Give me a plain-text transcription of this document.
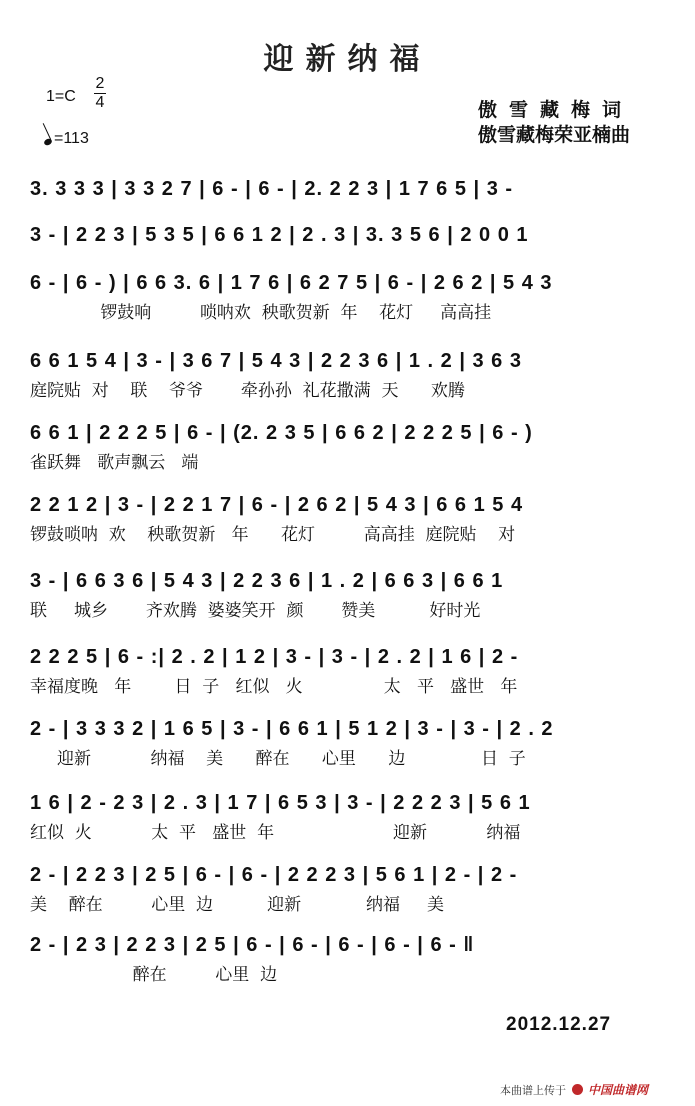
迎新纳福
1=C
2
4
=113
傲雪藏梅词
傲雪藏梅荣亚楠曲
3. 3 3 3 | 3 3 2 7 | 6 - | 6 - | 2. 2 2 3 | 1 7 6 5 | 3 -
3 - | 2 2 3 | 5 3 5 | 6 6 1 2 | 2 . 3 | 3. 3 5 6 | 2 0 0 1
6 - | 6 - ) | 6 6 3. 6 | 1 7 6 | 6 2 7 5 | 6 - | 2 6 2 | 5 4 3
锣鼓响         唢呐欢  秧歌贺新  年    花灯     高高挂
6 6 1 5 4 | 3 - | 3 6 7 | 5 4 3 | 2 2 3 6 | 1 . 2 | 3 6 3
庭院贴  对    联    爷爷       牵孙孙  礼花撒满  天      欢腾
6 6 1 | 2 2 2 5 | 6 - | (2. 2 3 5 | 6 6 2 | 2 2 2 5 | 6 - )
雀跃舞   歌声飘云   端
2 2 1 2 | 3 - | 2 2 1 7 | 6 - | 2 6 2 | 5 4 3 | 6 6 1 5 4
锣鼓唢呐  欢    秧歌贺新   年      花灯         高高挂  庭院贴    对
3 - | 6 6 3 6 | 5 4 3 | 2 2 3 6 | 1 . 2 | 6 6 3 | 6 6 1
联     城乡       齐欢腾  婆婆笑开  颜       赞美          好时光
2 2 2 5 | 6 - :| 2 . 2 | 1 2 | 3 - | 3 - | 2 . 2 | 1 6 | 2 -
幸福度晚   年        日  子   红似   火               太   平   盛世   年
2 - | 3 3 3 2 | 1 6 5 | 3 - | 6 6 1 | 5 1 2 | 3 - | 3 - | 2 . 2
迎新           纳福    美      醉在      心里      边              日  子
1 6 | 2 - 2 3 | 2 . 3 | 1 7 | 6 5 3 | 3 - | 2 2 2 3 | 5 6 1
红似  火           太  平   盛世  年                      迎新           纳福
2 - | 2 2 3 | 2 5 | 6 - | 6 - | 2 2 2 3 | 5 6 1 | 2 - | 2 -
美    醉在         心里  边          迎新            纳福     美
2 - | 2 3 | 2 2 3 | 2 5 | 6 - | 6 - | 6 - | 6 - | 6 - ‖
醉在         心里  边
2012.12.27
本曲谱上传于 中国曲谱网
